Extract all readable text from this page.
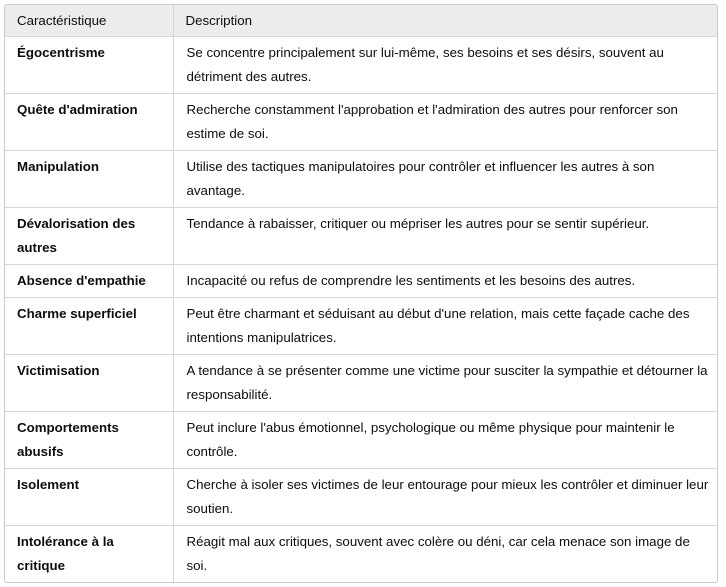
Caractéristique	Description
Égocentrisme	Se concentre principalement sur lui-même, ses besoins et ses désirs, souvent au détriment des autres.
Quête d'admiration	Recherche constamment l'approbation et l'admiration des autres pour renforcer son estime de soi.
Manipulation	Utilise des tactiques manipulatoires pour contrôler et influencer les autres à son avantage.
Dévalorisation des autres	Tendance à rabaisser, critiquer ou mépriser les autres pour se sentir supérieur.
Absence d'empathie	Incapacité ou refus de comprendre les sentiments et les besoins des autres.
Charme superficiel	Peut être charmant et séduisant au début d'une relation, mais cette façade cache des intentions manipulatrices.
Victimisation	A tendance à se présenter comme une victime pour susciter la sympathie et détourner la responsabilité.
Comportements abusifs	Peut inclure l'abus émotionnel, psychologique ou même physique pour maintenir le contrôle.
Isolement	Cherche à isoler ses victimes de leur entourage pour mieux les contrôler et diminuer leur soutien.
Intolérance à la critique	Réagit mal aux critiques, souvent avec colère ou déni, car cela menace son image de soi.
